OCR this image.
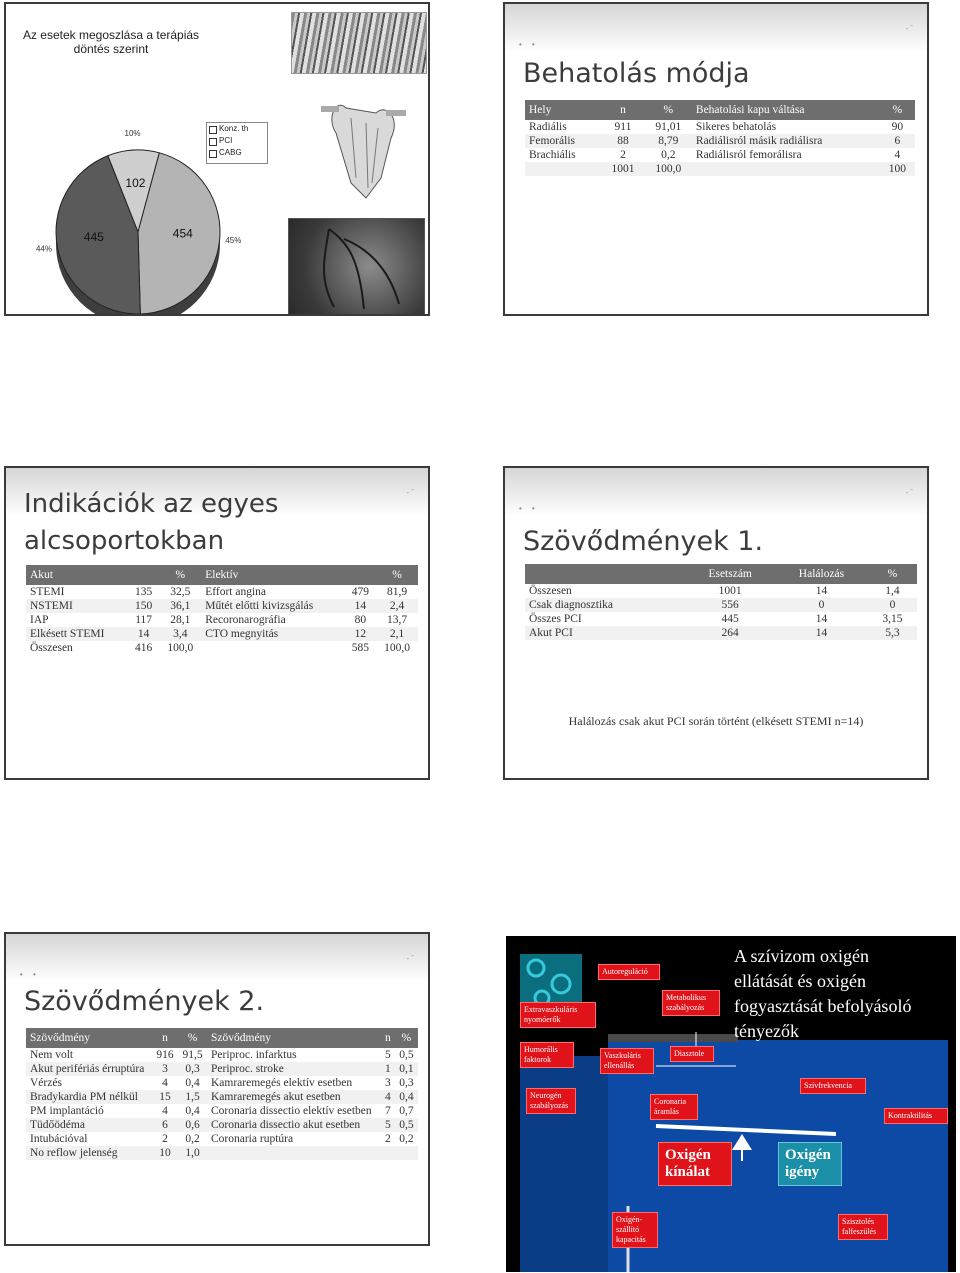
Az esetek megoszlása a terápiás döntés szerint
102
10%
454
45%
445
44%
Konz. th
PCI
CABG
• •
- ˉ
Behatolás módja
Hely	n	%	Behatolási kapu váltása	%
Radiális	911	91,01	Sikeres behatolás	90
Femorális	88	8,79	Radiálisról másik radiálisra	6
Brachiális	2	0,2	Radiálisról femorálisra	4
	1001	100,0		100
- ˉ
Indikációk az egyes alcsoportokban
Akut		%	Elektív		%
STEMI	135	32,5	Effort angina	479	81,9
NSTEMI	150	36,1	Műtét előtti kivizsgálás	14	2,4
IAP	117	28,1	Recoronarográfia	80	13,7
Elkésett STEMI	14	3,4	CTO megnyitás	12	2,1
Összesen	416	100,0		585	100,0
• •
- ˉ
Szövődmények 1.
	Esetszám	Halálozás	%
Összesen	1001	14	1,4
Csak diagnosztika	556	0	0
Összes PCI	445	14	3,15
Akut PCI	264	14	5,3
Halálozás csak akut PCI során történt (elkésett STEMI n=14)
• •
- ˉ
Szövődmények 2.
Szövődmény	n	%	Szövődmény	n	%
Nem volt	916	91,5	Periproc. infarktus	5	0,5
Akut perifériás érruptúra	3	0,3	Periproc. stroke	1	0,1
Vérzés	4	0,4	Kamraremegés elektív esetben	3	0,3
Bradykardia PM nélkül	15	1,5	Kamraremegés akut esetben	4	0,4
PM implantáció	4	0,4	Coronaria dissectio elektív esetben	7	0,7
Tüdőödéma	6	0,6	Coronaria dissectio akut esetben	5	0,5
Intubációval	2	0,2	Coronaria ruptúra	2	0,2
No reflow jelenség	10	1,0			
A szívizom oxigén ellátását és oxigén fogyasztását befolyásoló tényezők
Autoreguláció
Extravaszkuláris nyomóerők
Metabolikus szabályozás
Humorális faktorok	Vaszkuláris ellenállás
Diasztole
Neurogén szabályozás	Coronaria áramlás
Szívfrekvencia
Kontraktilitás
Oxigén kínálat
Oxigén igény
Oxigén-szállító kapacitás
Szisztolés falfeszülés
